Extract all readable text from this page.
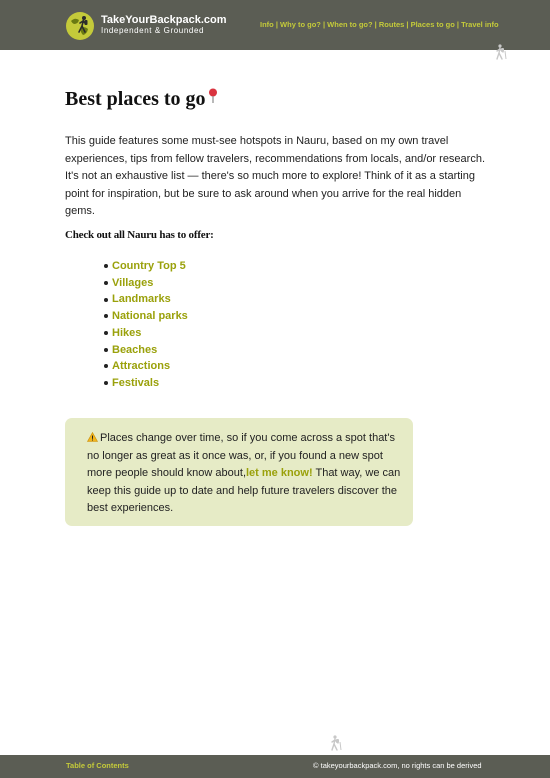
TakeYourBackpack.com
Independent & Grounded
Info | Why to go? | When to go? | Routes | Places to go | Travel info
Best places to go

This guide features some must-see hotspots in Nauru, based on my own travel experiences, tips from fellow travelers, recommendations from locals, and/or research. It's not an exhaustive list — there's so much more to explore! Think of it as a starting point for inspiration, but be sure to ask around when you arrive for the real hidden gems.

Check out all Nauru has to offer:

Country Top 5
Villages
Landmarks
National parks
Hikes
Beaches
Attractions
Festivals

Places change over time, so if you come across a spot that's no longer as great as it once was, or, if you found a new spot more people should know about,let me know! That way, we can keep this guide up to date and help future travelers discover the best experiences.

Table of Contents	© takeyourbackpack.com, no rights can be derived
